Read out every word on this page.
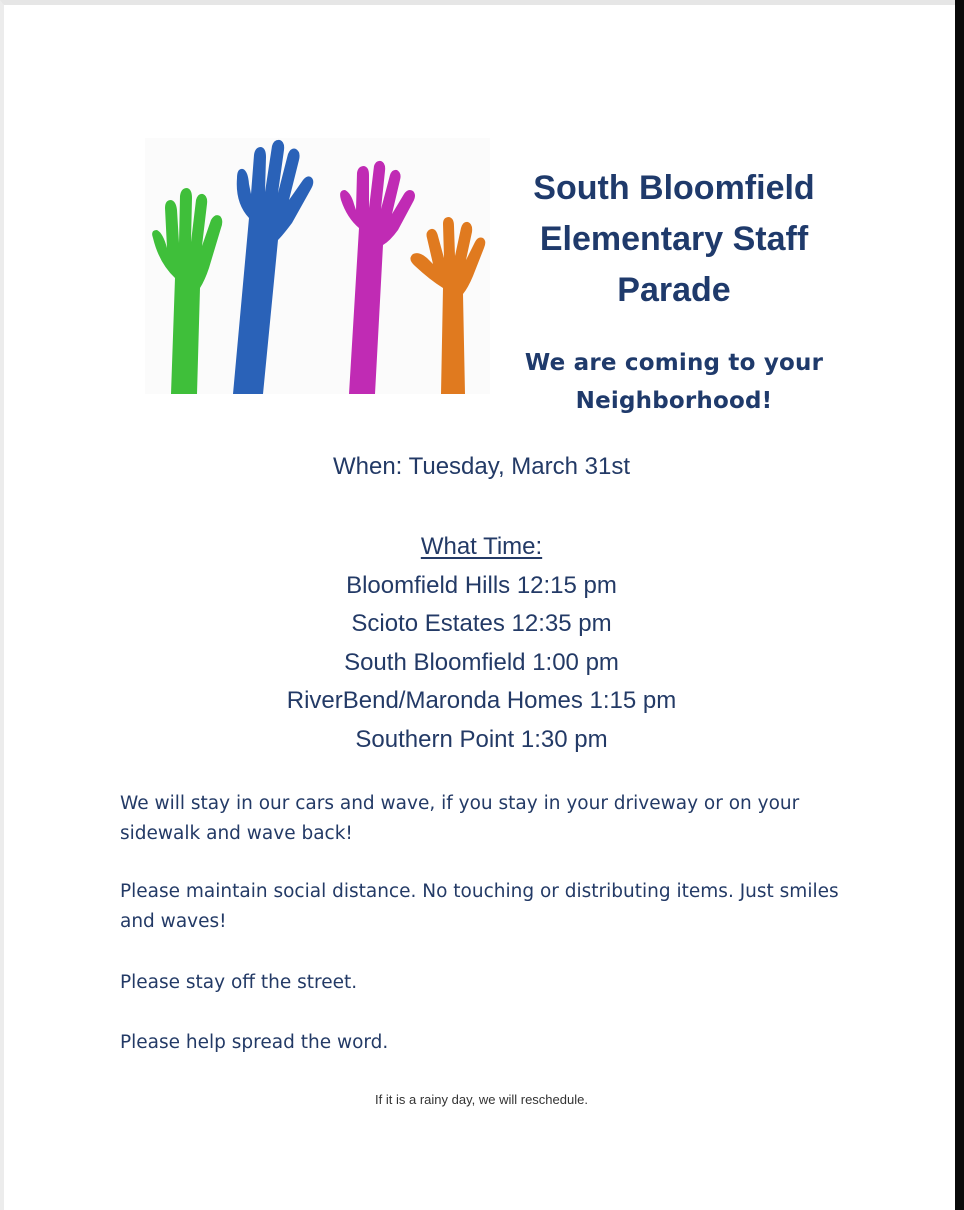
South Bloomfield
Elementary Staff
Parade
We are coming to your
Neighborhood!
When: Tuesday, March 31st
What Time:
Bloomfield Hills 12:15 pm
Scioto Estates 12:35 pm
South Bloomfield 1:00 pm
RiverBend/Maronda Homes 1:15 pm
Southern Point 1:30 pm
We will stay in our cars and wave, if you stay in your driveway or on your sidewalk and wave back!
Please maintain social distance. No touching or distributing items. Just smiles and waves!
Please stay off the street.
Please help spread the word.
If it is a rainy day, we will reschedule.
